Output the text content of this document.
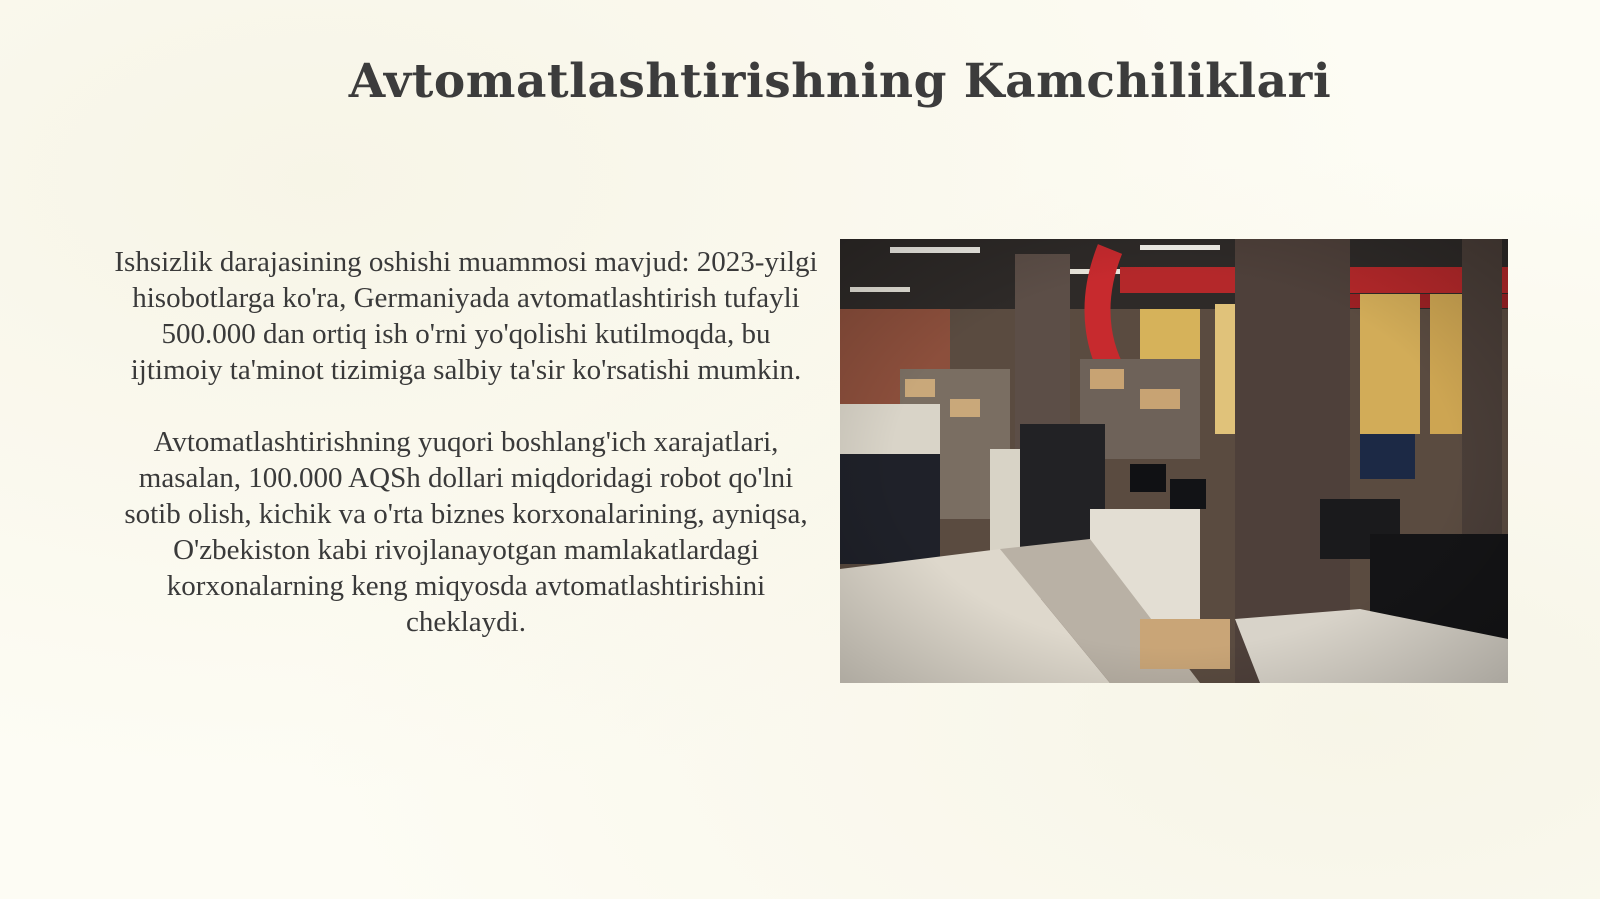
Avtomatlashtirishning Kamchiliklari

Ishsizlik darajasining oshishi muammosi mavjud: 2023-yilgi hisobotlarga ko'ra, Germaniyada avtomatlashtirish tufayli 500.000 dan ortiq ish o'rni yo'qolishi kutilmoqda, bu ijtimoiy ta'minot tizimiga salbiy ta'sir ko'rsatishi mumkin.

Avtomatlashtirishning yuqori boshlang'ich xarajatlari, masalan, 100.000 AQSh dollari miqdoridagi robot qo'lni sotib olish, kichik va o'rta biznes korxonalarining, ayniqsa, O'zbekiston kabi rivojlanayotgan mamlakatlardagi korxonalarning keng miqyosda avtomatlashtirishini cheklaydi.
